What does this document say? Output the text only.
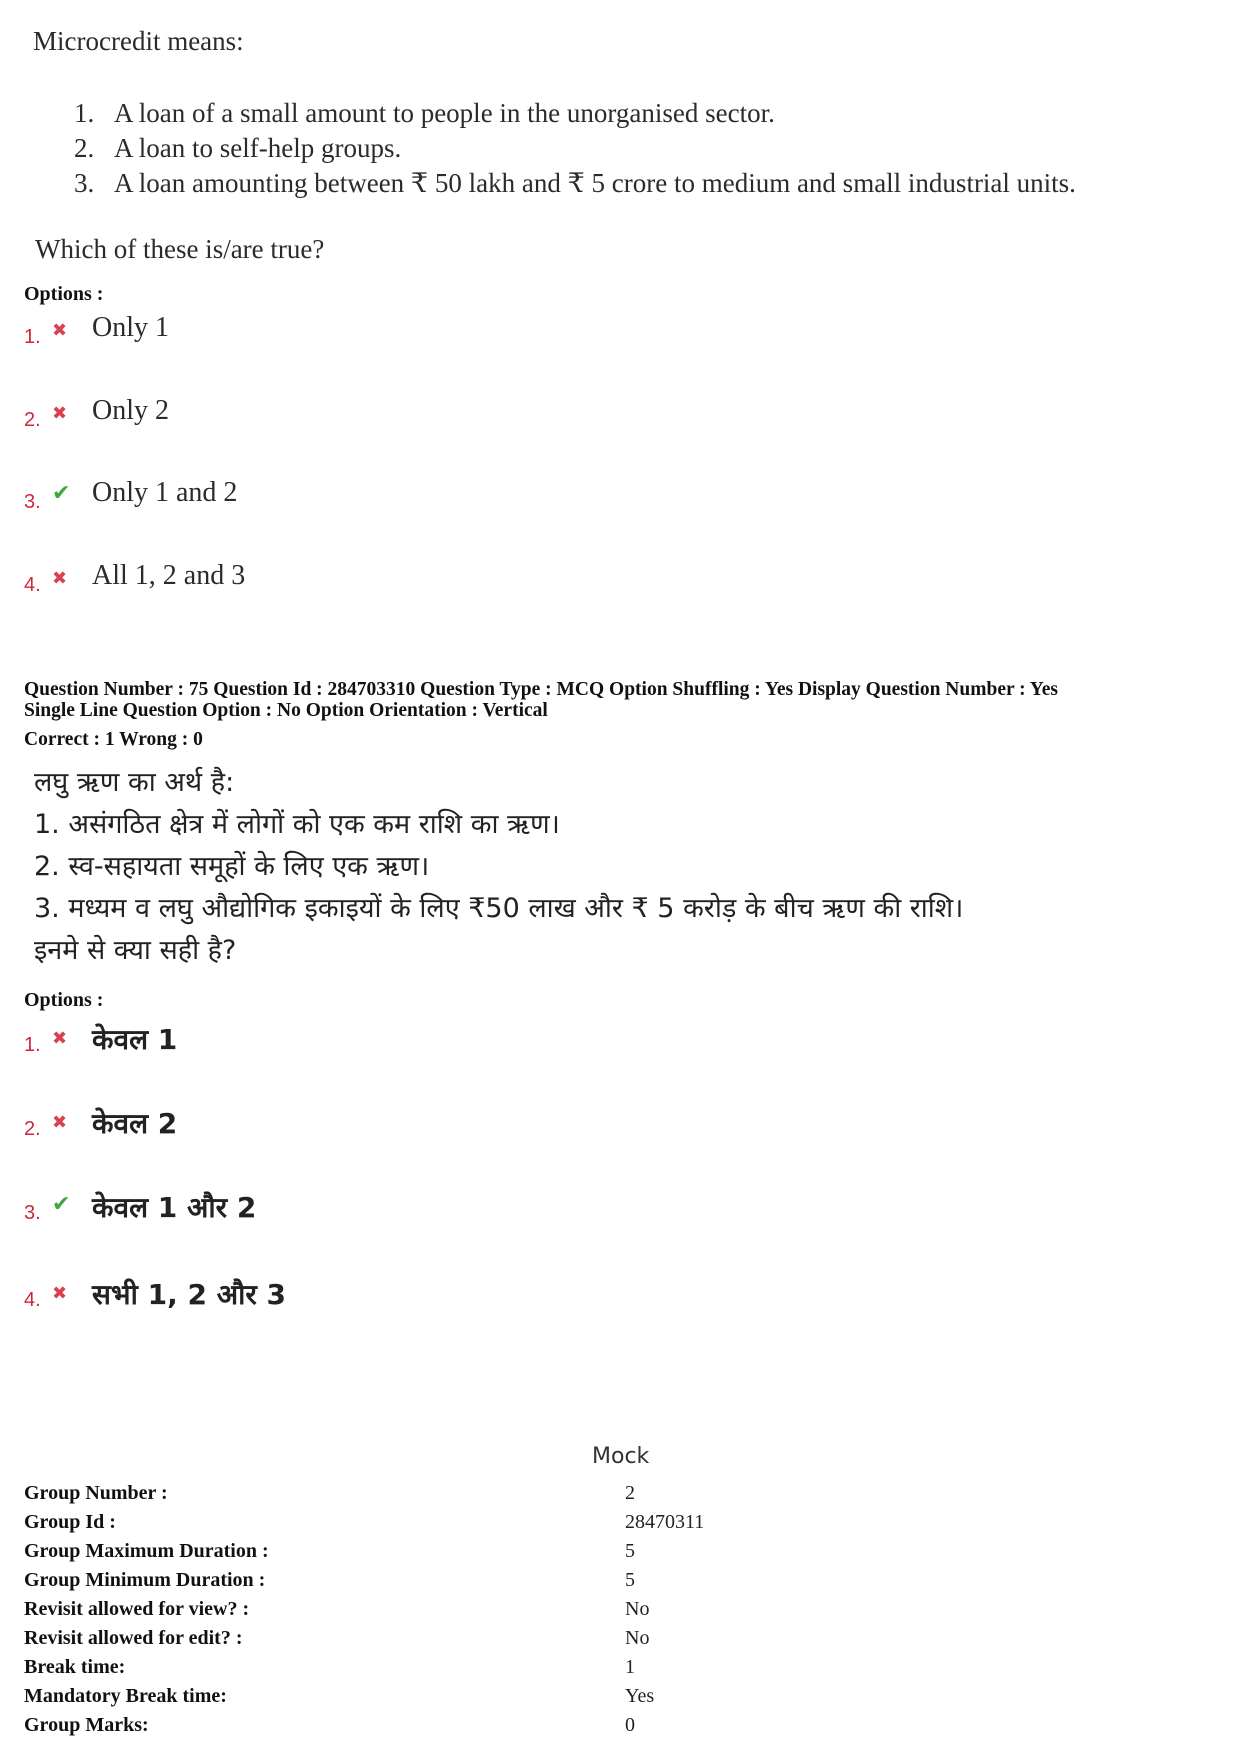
Microcredit means:
1. A loan of a small amount to people in the unorganised sector.
2. A loan to self-help groups.
3. A loan amounting between ₹ 50 lakh and ₹ 5 crore to medium and small industrial units.
Which of these is/are true?
Options :
1. ✖ Only 1
2. ✖ Only 2
3. ✔ Only 1 and 2
4. ✖ All 1, 2 and 3
Question Number : 75 Question Id : 284703310 Question Type : MCQ Option Shuffling : Yes Display Question Number : Yes
Single Line Question Option : No Option Orientation : Vertical
Correct : 1 Wrong : 0
लघु ऋण का अर्थ है:
1. असंगठित क्षेत्र में लोगों को एक कम राशि का ऋण।
2. स्व-सहायता समूहों के लिए एक ऋण।
3. मध्यम व लघु औद्योगिक इकाइयों के लिए ₹50 लाख और ₹ 5 करोड़ के बीच ऋण की राशि।
इनमे से क्या सही है?
Options :
1. ✖ केवल 1
2. ✖ केवल 2
3. ✔ केवल 1 और 2
4. ✖ सभी 1, 2 और 3
Mock
Group Number :	2
Group Id :	28470311
Group Maximum Duration :	5
Group Minimum Duration :	5
Revisit allowed for view? :	No
Revisit allowed for edit? :	No
Break time:	1
Mandatory Break time:	Yes
Group Marks:	0
